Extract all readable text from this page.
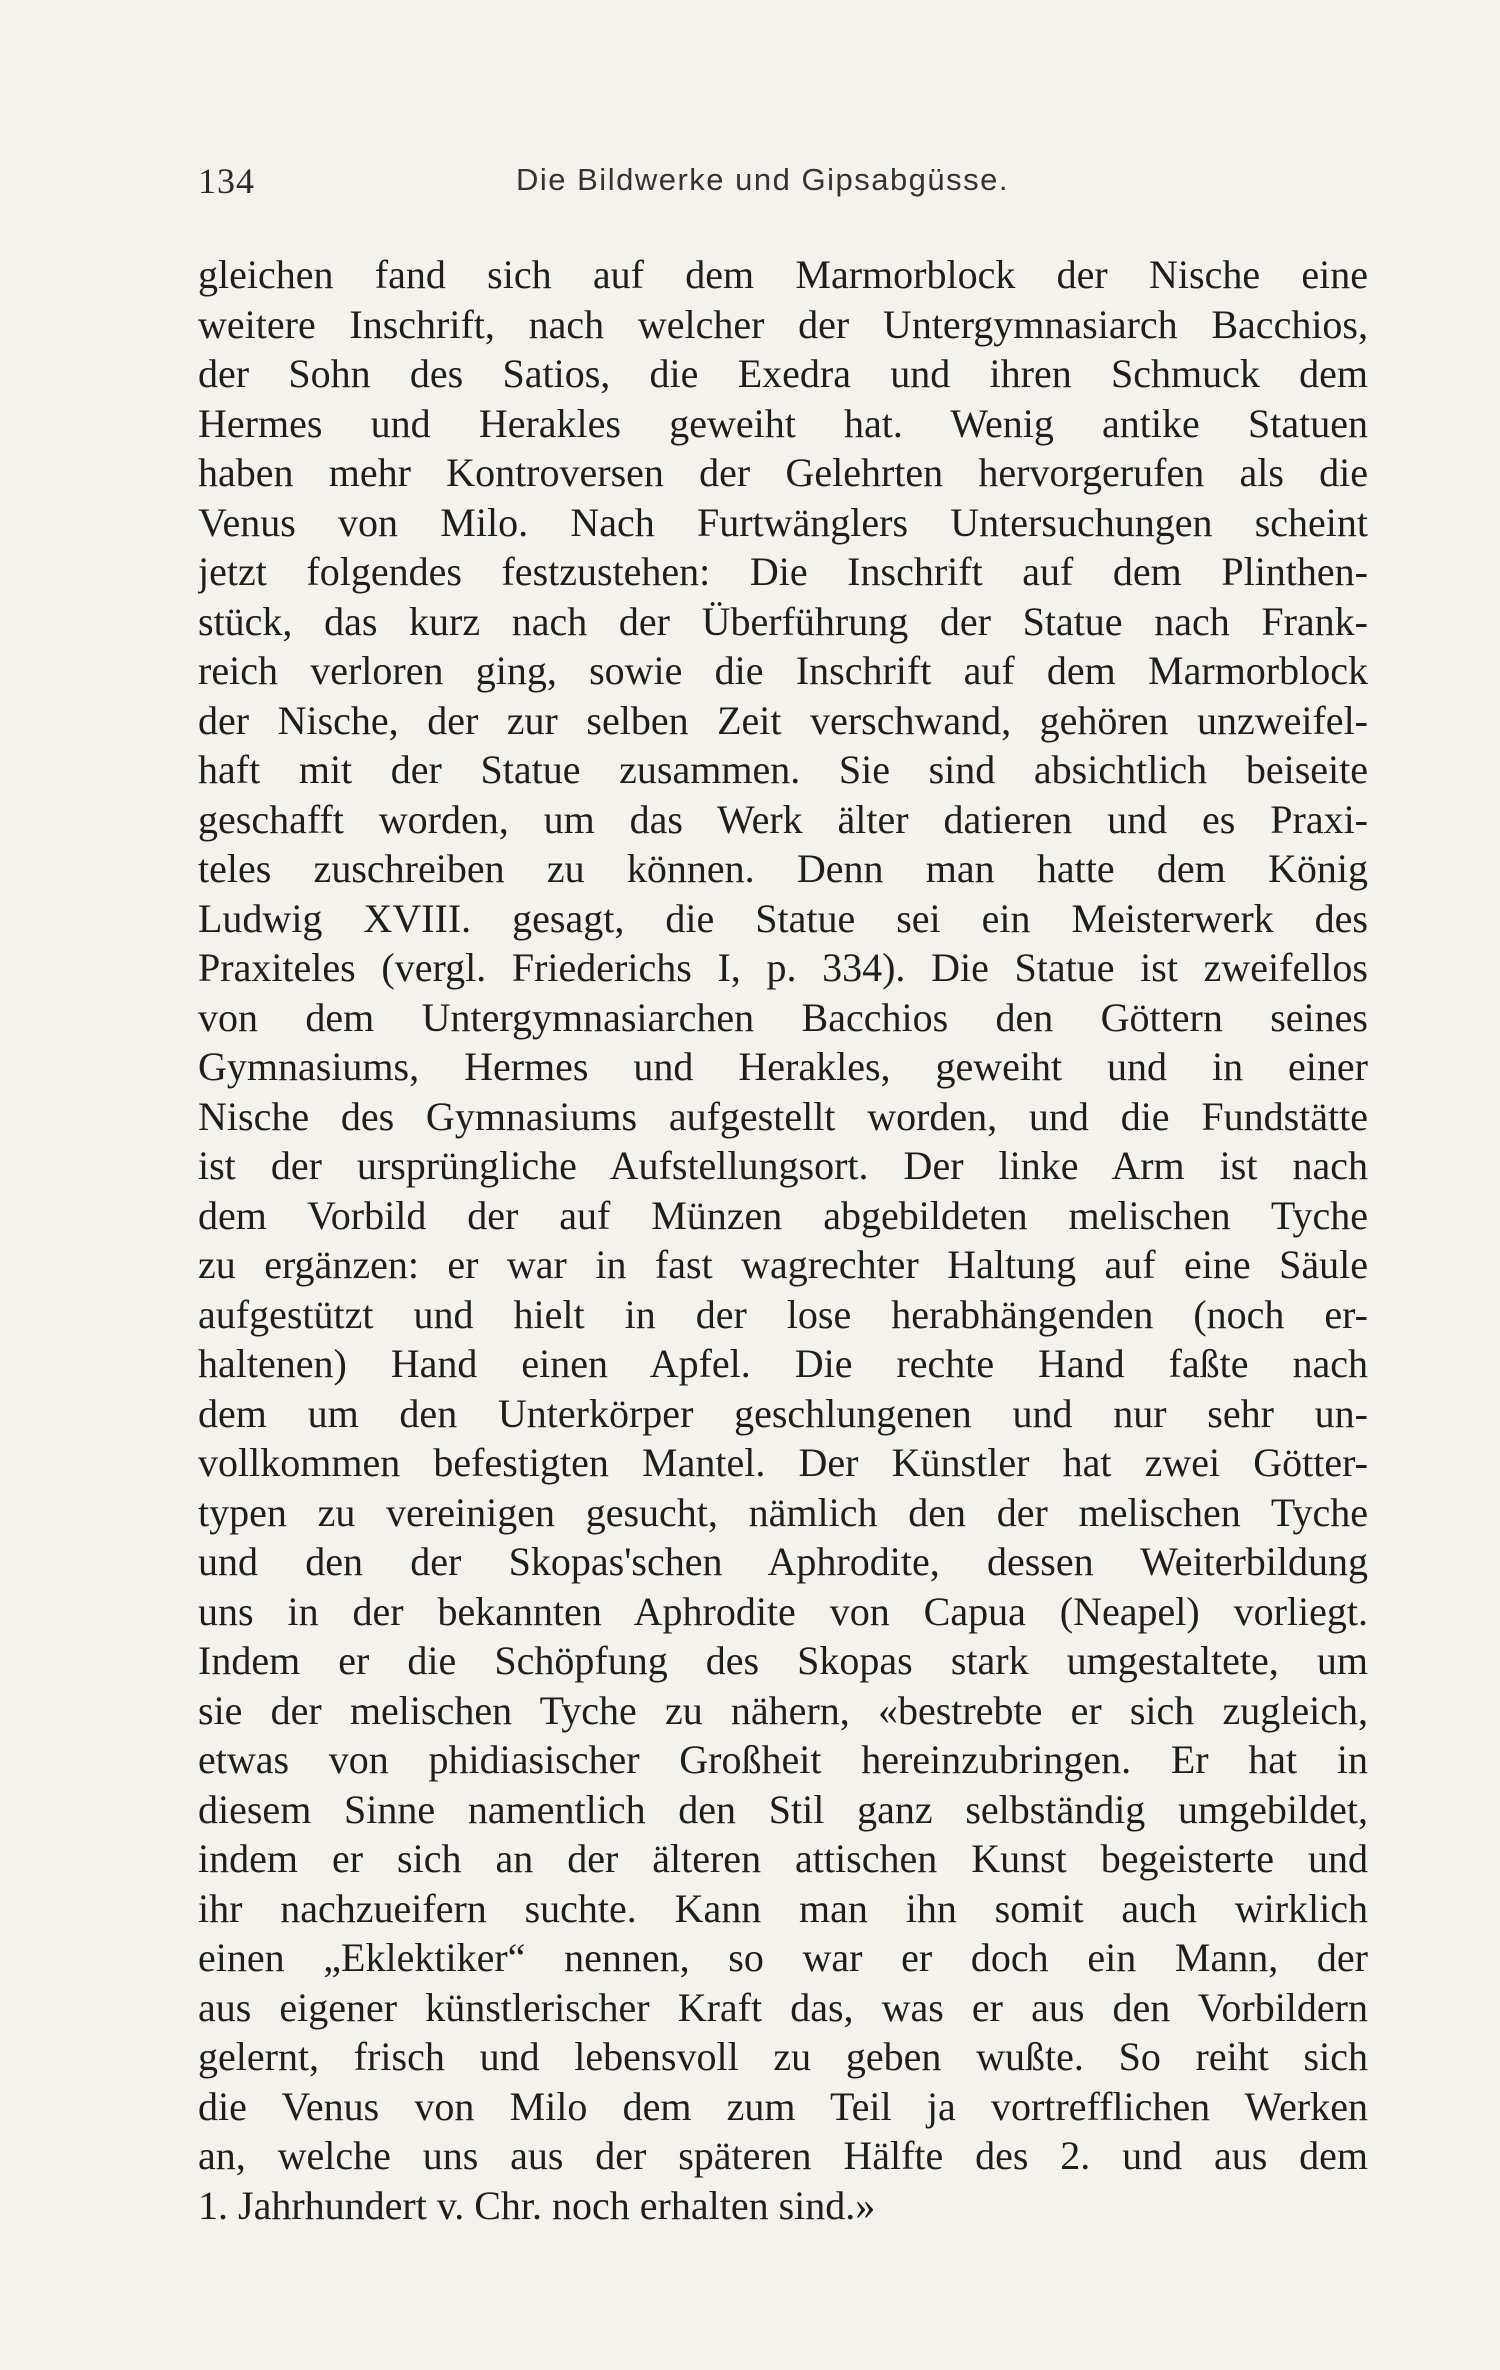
134	Die Bildwerke und Gipsabgüsse.
gleichen fand sich auf dem Marmorblock der Nische eine
weitere Inschrift, nach welcher der Untergymnasiarch Bacchios,
der Sohn des Satios, die Exedra und ihren Schmuck dem
Hermes und Herakles geweiht hat. Wenig antike Statuen
haben mehr Kontroversen der Gelehrten hervorgerufen als die
Venus von Milo. Nach Furtwänglers Untersuchungen scheint
jetzt folgendes festzustehen: Die Inschrift auf dem Plinthen-
stück, das kurz nach der Überführung der Statue nach Frank-
reich verloren ging, sowie die Inschrift auf dem Marmorblock
der Nische, der zur selben Zeit verschwand, gehören unzweifel-
haft mit der Statue zusammen. Sie sind absichtlich beiseite
geschafft worden, um das Werk älter datieren und es Praxi-
teles zuschreiben zu können. Denn man hatte dem König
Ludwig XVIII. gesagt, die Statue sei ein Meisterwerk des
Praxiteles (vergl. Friederichs I, p. 334). Die Statue ist zweifellos
von dem Untergymnasiarchen Bacchios den Göttern seines
Gymnasiums, Hermes und Herakles, geweiht und in einer
Nische des Gymnasiums aufgestellt worden, und die Fundstätte
ist der ursprüngliche Aufstellungsort. Der linke Arm ist nach
dem Vorbild der auf Münzen abgebildeten melischen Tyche
zu ergänzen: er war in fast wagrechter Haltung auf eine Säule
aufgestützt und hielt in der lose herabhängenden (noch er-
haltenen) Hand einen Apfel. Die rechte Hand faßte nach
dem um den Unterkörper geschlungenen und nur sehr un-
vollkommen befestigten Mantel. Der Künstler hat zwei Götter-
typen zu vereinigen gesucht, nämlich den der melischen Tyche
und den der Skopas'schen Aphrodite, dessen Weiterbildung
uns in der bekannten Aphrodite von Capua (Neapel) vorliegt.
Indem er die Schöpfung des Skopas stark umgestaltete, um
sie der melischen Tyche zu nähern, «bestrebte er sich zugleich,
etwas von phidiasischer Großheit hereinzubringen. Er hat in
diesem Sinne namentlich den Stil ganz selbständig umgebildet,
indem er sich an der älteren attischen Kunst begeisterte und
ihr nachzueifern suchte. Kann man ihn somit auch wirklich
einen „Eklektiker“ nennen, so war er doch ein Mann, der
aus eigener künstlerischer Kraft das, was er aus den Vorbildern
gelernt, frisch und lebensvoll zu geben wußte. So reiht sich
die Venus von Milo dem zum Teil ja vortrefflichen Werken
an, welche uns aus der späteren Hälfte des 2. und aus dem
1. Jahrhundert v. Chr. noch erhalten sind.»
